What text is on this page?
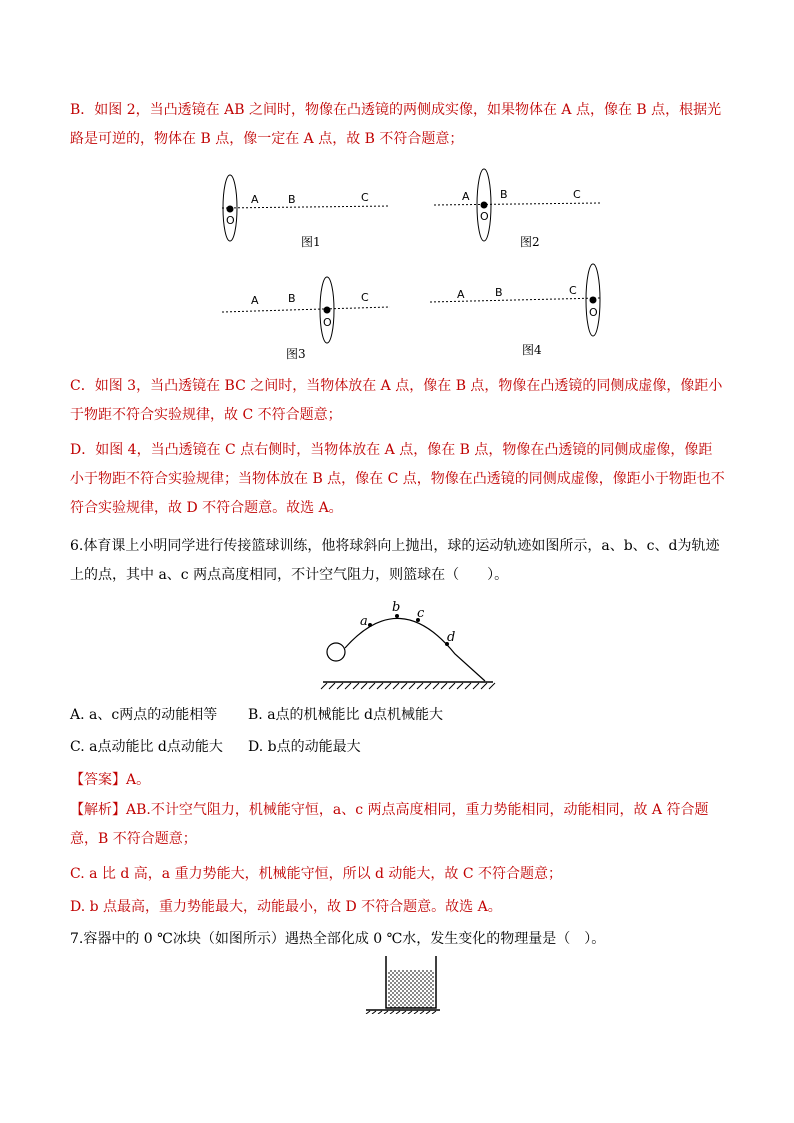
B．如图 2，当凸透镜在 AB 之间时，物像在凸透镜的两侧成实像，如果物体在 A 点，像在 B 点，根据光路是可逆的，物体在 B 点，像一定在 A 点，故 B 不符合题意；

A	B	C
O
图1
A	B	C
O
图2
A	B	C
O
图3
A	B	C
O
图4

C．如图 3，当凸透镜在 BC 之间时，当物体放在 A 点，像在 B 点，物像在凸透镜的同侧成虚像，像距小于物距不符合实验规律，故 C 不符合题意；

D．如图 4，当凸透镜在 C 点右侧时，当物体放在 A 点，像在 B 点，物像在凸透镜的同侧成虚像，像距小于物距不符合实验规律；当物体放在 B 点，像在 C 点，物像在凸透镜的同侧成虚像，像距小于物距也不符合实验规律，故 D 不符合题意。故选 A。

6.体育课上小明同学进行传接篮球训练，他将球斜向上抛出，球的运动轨迹如图所示，a、b、c、d为轨迹上的点，其中 a、c 两点高度相同，不计空气阻力，则篮球在（　　）。

a
b c
d
A. a、c两点的动能相等 B. a点的机械能比 d点机械能大
C. a点动能比 d点动能大 D. b点的动能最大

【答案】A。

【解析】AB.不计空气阻力，机械能守恒，a、c 两点高度相同，重力势能相同，动能相同，故 A 符合题意，B 不符合题意；

C. a 比 d 高，a 重力势能大，机械能守恒，所以 d 动能大，故 C 不符合题意；

D. b 点最高，重力势能最大，动能最小，故 D 不符合题意。故选 A。

7.容器中的 0 ℃冰块（如图所示）遇热全部化成 0 ℃水，发生变化的物理量是（　）。
